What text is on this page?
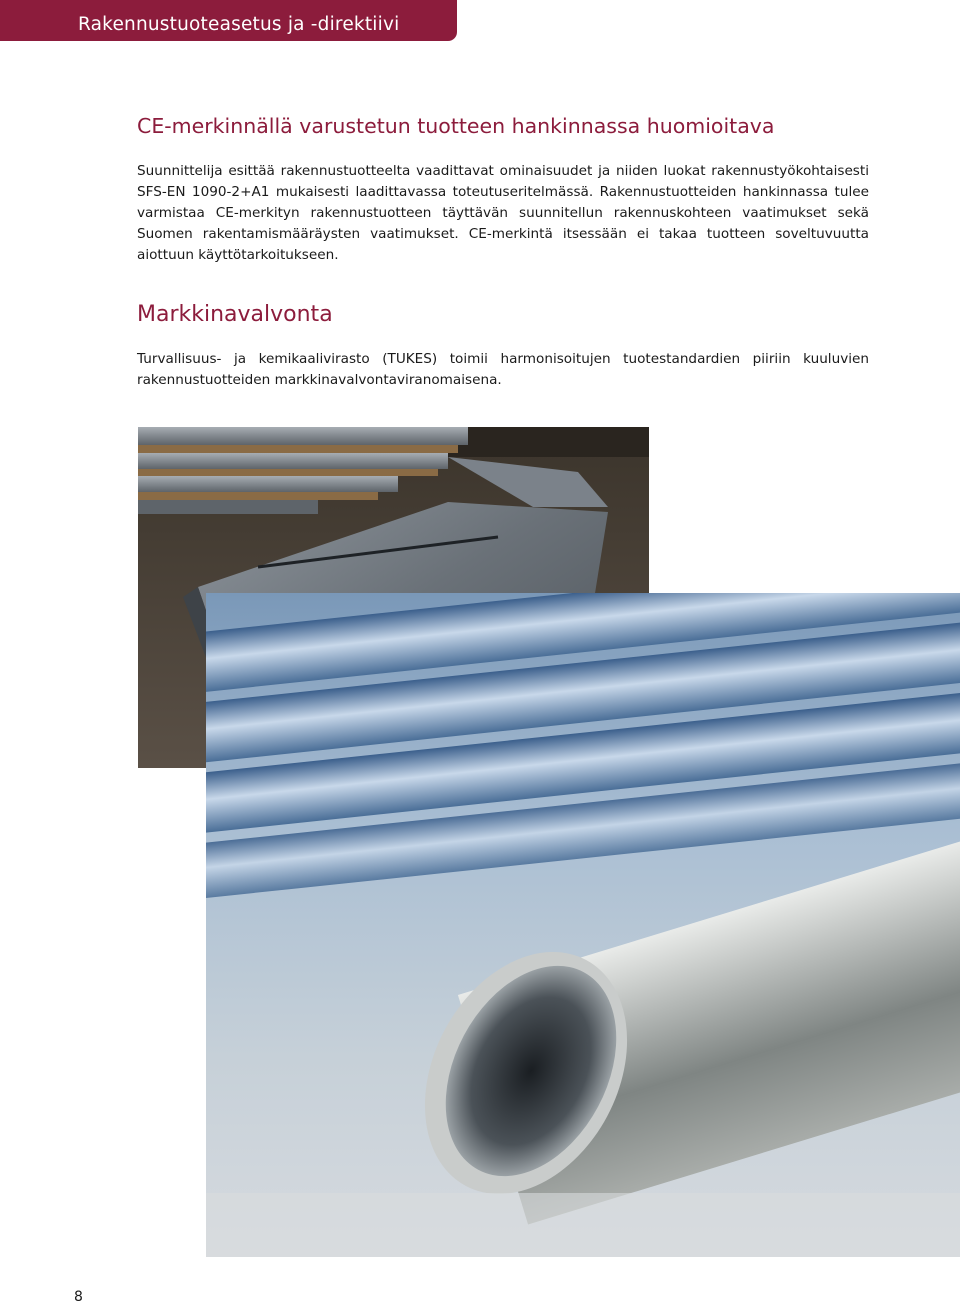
Rakennustuoteasetus ja -direktiivi
CE-merkinnällä varustetun tuotteen hankinnassa huomioitava

Suunnittelija esittää rakennustuotteelta vaadittavat ominaisuudet ja niiden luokat rakennustyökohtaisesti SFS-EN 1090-2+A1 mukaisesti laadittavassa toteutuseritelmässä. Rakennustuotteiden hankinnassa tulee varmistaa CE-merkityn rakennustuotteen täyttävän suunnitellun rakennuskohteen vaatimukset sekä Suomen rakentamismääräysten vaatimukset. CE-merkintä itsessään ei takaa tuotteen soveltuvuutta aiottuun käyttötarkoitukseen.

Markkinavalvonta

Turvallisuus- ja kemikaalivirasto (TUKES) toimii harmonisoitujen tuotestandardien piiriin kuuluvien rakennustuotteiden markkinavalvontaviranomaisena.

8
